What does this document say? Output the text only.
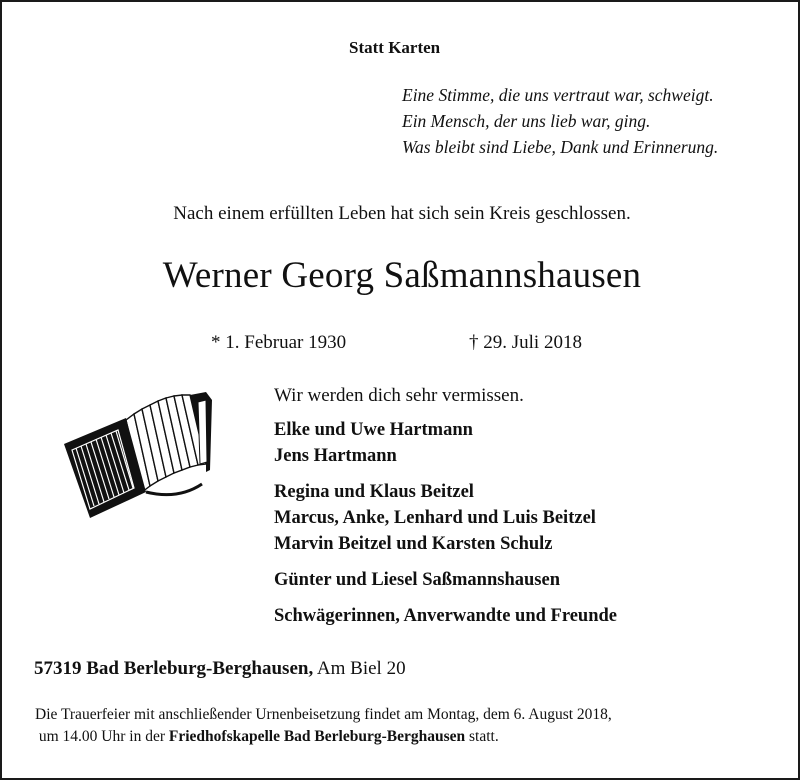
Statt Karten
Eine Stimme, die uns vertraut war, schweigt.
Ein Mensch, der uns lieb war, ging.
Was bleibt sind Liebe, Dank und Erinnerung.
Nach einem erfüllten Leben hat sich sein Kreis geschlossen.
Werner Georg Saßmannshausen
* 1. Februar 1930	† 29. Juli 2018
Wir werden dich sehr vermissen.
Elke und Uwe Hartmann
Jens Hartmann
Regina und Klaus Beitzel
Marcus, Anke, Lenhard und Luis Beitzel
Marvin Beitzel und Karsten Schulz
Günter und Liesel Saßmannshausen
Schwägerinnen, Anverwandte und Freunde
57319 Bad Berleburg-Berghausen, Am Biel 20
Die Trauerfeier mit anschließender Urnenbeisetzung findet am Montag, dem 6. August 2018,
um 14.00 Uhr in der Friedhofskapelle Bad Berleburg-Berghausen statt.
